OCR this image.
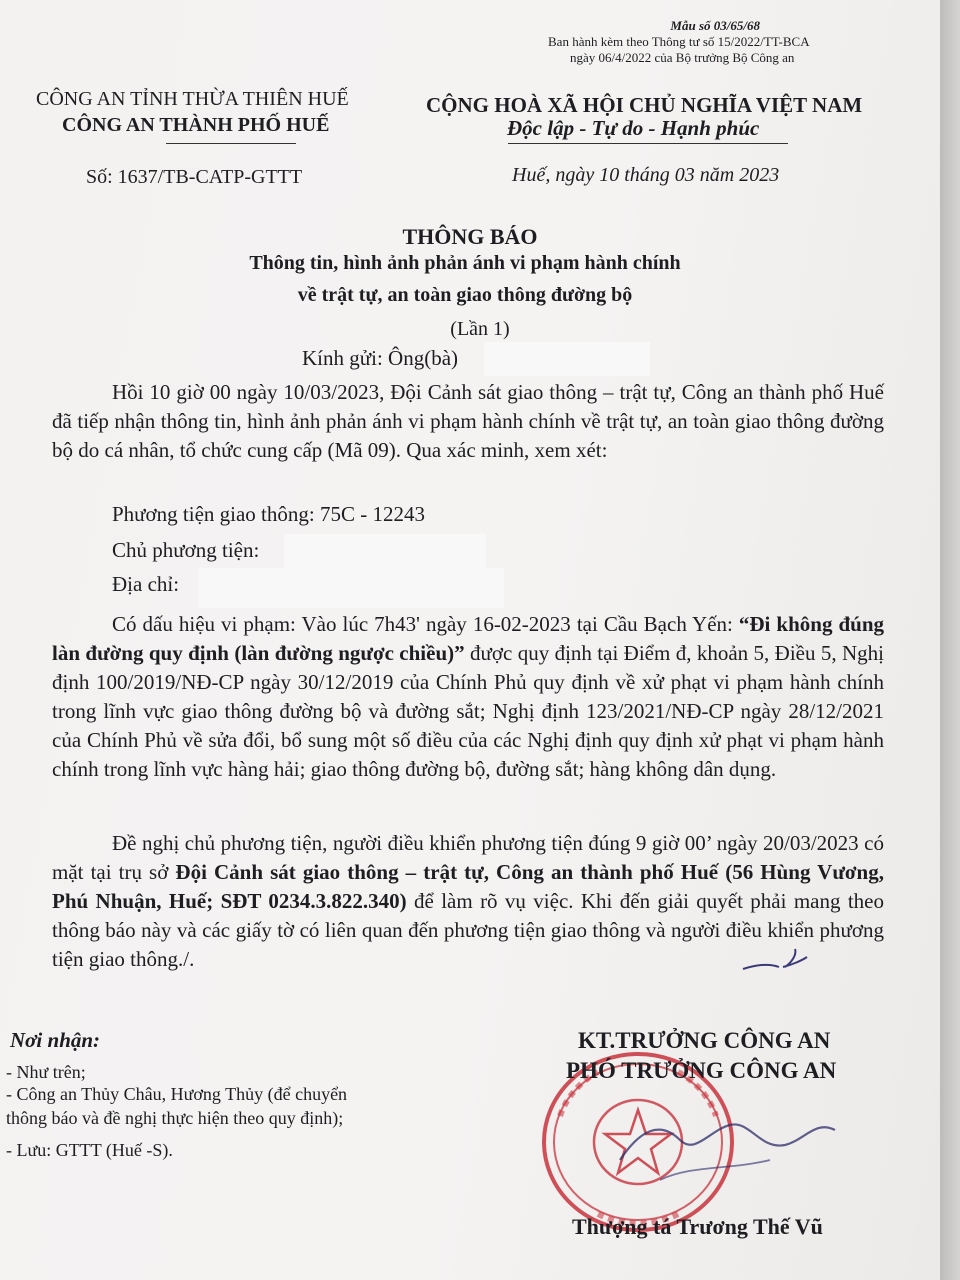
Mẫu số 03/65/68
Ban hành kèm theo Thông tư số 15/2022/TT-BCA
ngày 06/4/2022 của Bộ trưởng Bộ Công an
CÔNG AN TỈNH THỪA THIÊN HUẾ
CÔNG AN THÀNH PHỐ HUẾ
CỘNG HOÀ XÃ HỘI CHỦ NGHĨA VIỆT NAM
Độc lập - Tự do - Hạnh phúc
Số: 1637/TB-CATP-GTTT	Huế, ngày 10 tháng 03 năm 2023
THÔNG BÁO
Thông tin, hình ảnh phản ánh vi phạm hành chính
về trật tự, an toàn giao thông đường bộ
(Lần 1)
Kính gửi: Ông(bà)
Hồi 10 giờ 00 ngày 10/03/2023, Đội Cảnh sát giao thông – trật tự, Công an thành phố Huế đã tiếp nhận thông tin, hình ảnh phản ánh vi phạm hành chính về trật tự, an toàn giao thông đường bộ do cá nhân, tổ chức cung cấp (Mã 09). Qua xác minh, xem xét:
Phương tiện giao thông: 75C - 12243
Chủ phương tiện:
Địa chỉ:
Có dấu hiệu vi phạm: Vào lúc 7h43' ngày 16-02-2023 tại Cầu Bạch Yến: “Đi không đúng làn đường quy định (làn đường ngược chiều)” được quy định tại Điểm đ, khoản 5, Điều 5, Nghị định 100/2019/NĐ-CP ngày 30/12/2019 của Chính Phủ quy định về xử phạt vi phạm hành chính trong lĩnh vực giao thông đường bộ và đường sắt; Nghị định 123/2021/NĐ-CP ngày 28/12/2021 của Chính Phủ về sửa đổi, bổ sung một số điều của các Nghị định quy định xử phạt vi phạm hành chính trong lĩnh vực hàng hải; giao thông đường bộ, đường sắt; hàng không dân dụng.
Đề nghị chủ phương tiện, người điều khiển phương tiện đúng 9 giờ 00’ ngày 20/03/2023 có mặt tại trụ sở Đội Cảnh sát giao thông – trật tự, Công an thành phố Huế (56 Hùng Vương, Phú Nhuận, Huế; SĐT 0234.3.822.340) để làm rõ vụ việc. Khi đến giải quyết phải mang theo thông báo này và các giấy tờ có liên quan đến phương tiện giao thông và người điều khiển phương tiện giao thông./.
Nơi nhận:
- Như trên;
- Công an Thủy Châu, Hương Thủy (để chuyển
thông báo và đề nghị thực hiện theo quy định);
- Lưu: GTTT (Huế -S).
KT.TRƯỞNG CÔNG AN
PHÓ TRƯỞNG CÔNG AN
Thượng tá Trương Thế Vũ
